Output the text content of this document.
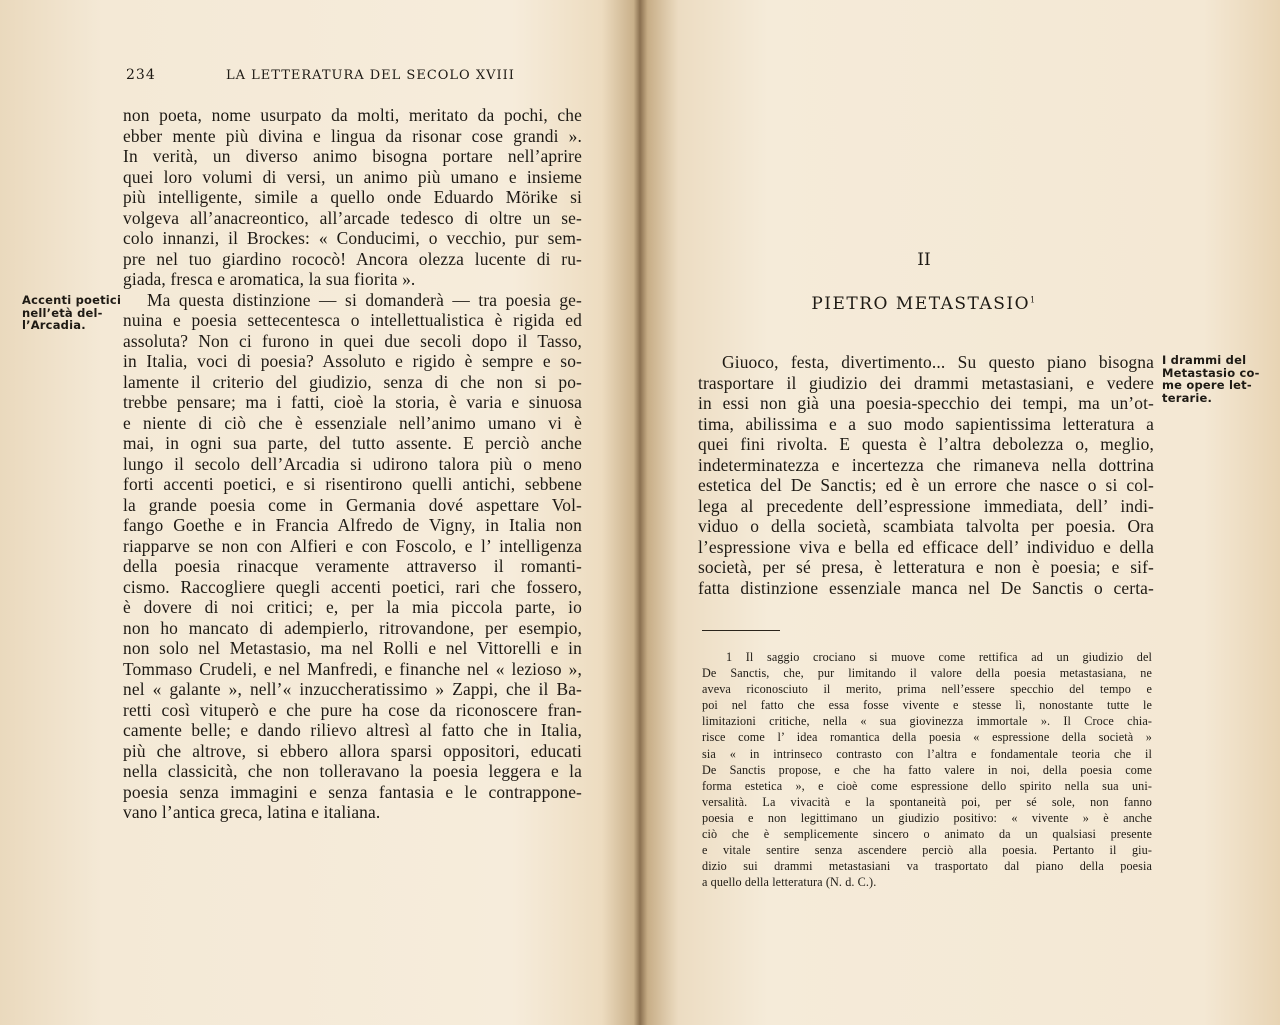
234	LA LETTERATURA DEL SECOLO XVIII
Accenti poetici
nell’età del-
l’Arcadia.
non poeta, nome usurpato da molti, meritato da pochi, che
ebber mente più divina e lingua da risonar cose grandi ».
In verità, un diverso animo bisogna portare nell’aprire
quei loro volumi di versi, un animo più umano e insieme
più intelligente, simile a quello onde Eduardo Mörike si
volgeva all’anacreontico, all’arcade tedesco di oltre un se-
colo innanzi, il Brockes: « Conducimi, o vecchio, pur sem-
pre nel tuo giardino rococò! Ancora olezza lucente di ru-
giada, fresca e aromatica, la sua fiorita ».
Ma questa distinzione — si domanderà — tra poesia ge-
nuina e poesia settecentesca o intellettualistica è rigida ed
assoluta? Non ci furono in quei due secoli dopo il Tasso,
in Italia, voci di poesia? Assoluto e rigido è sempre e so-
lamente il criterio del giudizio, senza di che non si po-
trebbe pensare; ma i fatti, cioè la storia, è varia e sinuosa
e niente di ciò che è essenziale nell’animo umano vi è
mai, in ogni sua parte, del tutto assente. E perciò anche
lungo il secolo dell’Arcadia si udirono talora più o meno
forti accenti poetici, e si risentirono quelli antichi, sebbene
la grande poesia come in Germania dové aspettare Vol-
fango Goethe e in Francia Alfredo de Vigny, in Italia non
riapparve se non con Alfieri e con Foscolo, e l’ intelligenza
della poesia rinacque veramente attraverso il romanti-
cismo. Raccogliere quegli accenti poetici, rari che fossero,
è dovere di noi critici; e, per la mia piccola parte, io
non ho mancato di adempierlo, ritrovandone, per esempio,
non solo nel Metastasio, ma nel Rolli e nel Vittorelli e in
Tommaso Crudeli, e nel Manfredi, e finanche nel « lezioso »,
nel « galante », nell’« inzuccheratissimo » Zappi, che il Ba-
retti così vituperò e che pure ha cose da riconoscere fran-
camente belle; e dando rilievo altresì al fatto che in Italia,
più che altrove, si ebbero allora sparsi oppositori, educati
nella classicità, che non tolleravano la poesia leggera e la
poesia senza immagini e senza fantasia e le contrappone-
vano l’antica greca, latina e italiana.
II
PIETRO METASTASIO$^1$
I drammi del
Metastasio co-
me opere let-
terarie.
Giuoco, festa, divertimento... Su questo piano bisogna
trasportare il giudizio dei drammi metastasiani, e vedere
in essi non già una poesia-specchio dei tempi, ma un’ot-
tima, abilissima e a suo modo sapientissima letteratura a
quei fini rivolta. E questa è l’altra debolezza o, meglio,
indeterminatezza e incertezza che rimaneva nella dottrina
estetica del De Sanctis; ed è un errore che nasce o si col-
lega al precedente dell’espressione immediata, dell’ indi-
viduo o della società, scambiata talvolta per poesia. Ora
l’espressione viva e bella ed efficace dell’ individuo e della
società, per sé presa, è letteratura e non è poesia; e sif-
fatta distinzione essenziale manca nel De Sanctis o certa-
1 Il saggio crociano si muove come rettifica ad un giudizio del
De Sanctis, che, pur limitando il valore della poesia metastasiana, ne
aveva riconosciuto il merito, prima nell’essere specchio del tempo e
poi nel fatto che essa fosse vivente e stesse lì, nonostante tutte le
limitazioni critiche, nella « sua giovinezza immortale ». Il Croce chia-
risce come l’ idea romantica della poesia « espressione della società »
sia « in intrinseco contrasto con l’altra e fondamentale teoria che il
De Sanctis propose, e che ha fatto valere in noi, della poesia come
forma estetica », e cioè come espressione dello spirito nella sua uni-
versalità. La vivacità e la spontaneità poi, per sé sole, non fanno
poesia e non legittimano un giudizio positivo: « vivente » è anche
ciò che è semplicemente sincero o animato da un qualsiasi presente
e vitale sentire senza ascendere perciò alla poesia. Pertanto il giu-
dizio sui drammi metastasiani va trasportato dal piano della poesia
a quello della letteratura (N. d. C.).
